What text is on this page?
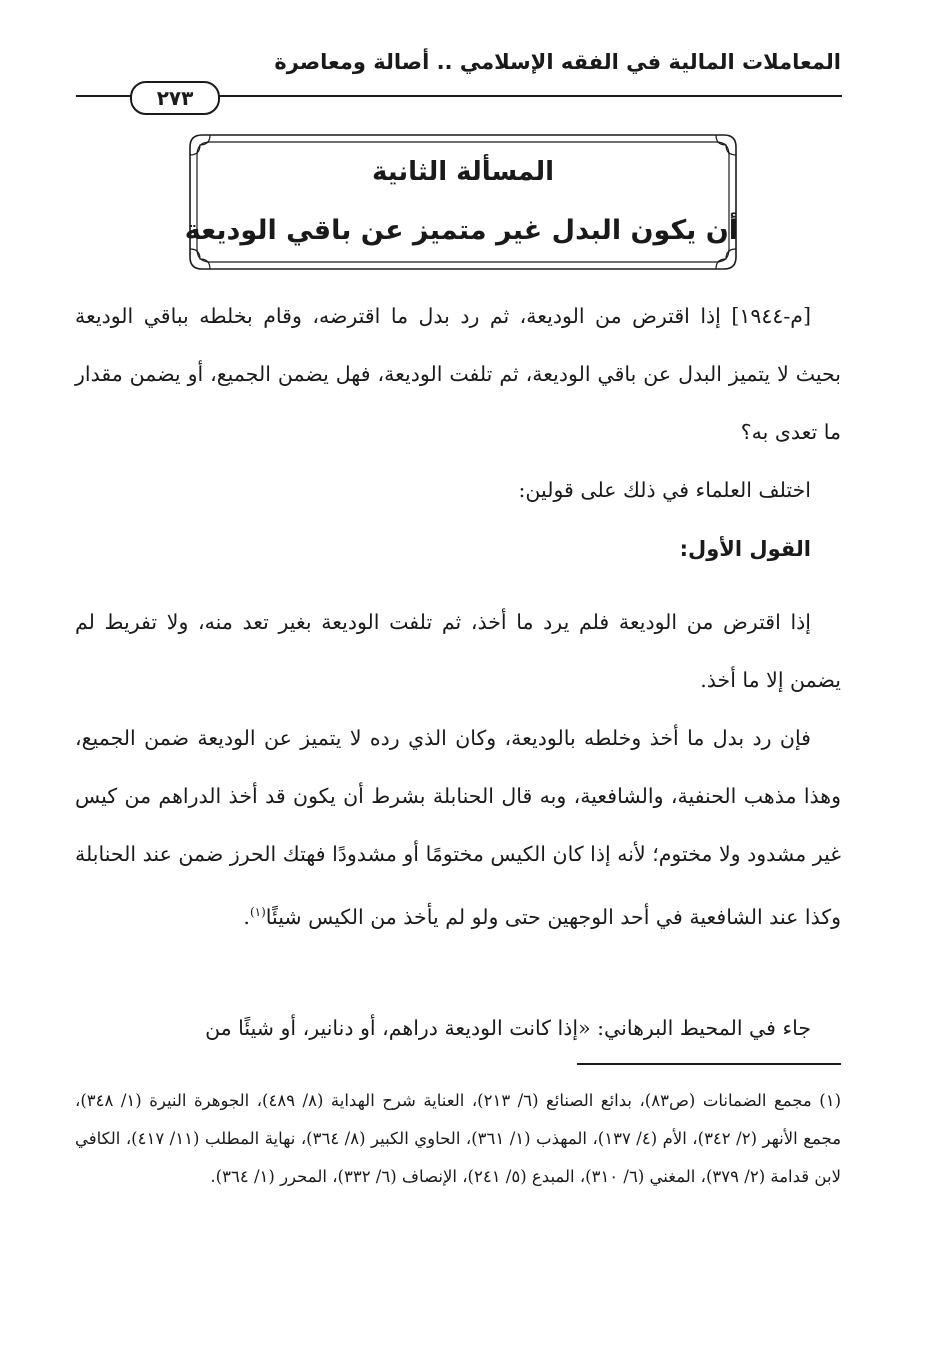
المعاملات المالية في الفقه الإسلامي .. أصالة ومعاصرة
٢٧٣
المسألة الثانية
أن يكون البدل غير متميز عن باقي الوديعة
[م-١٩٤٤] إذا اقترض من الوديعة، ثم رد بدل ما اقترضه، وقام بخلطه بباقي الوديعة بحيث لا يتميز البدل عن باقي الوديعة، ثم تلفت الوديعة، فهل يضمن الجميع، أو يضمن مقدار ما تعدى به؟
اختلف العلماء في ذلك على قولين:
القول الأول:
إذا اقترض من الوديعة فلم يرد ما أخذ، ثم تلفت الوديعة بغير تعد منه، ولا تفريط لم يضمن إلا ما أخذ.
فإن رد بدل ما أخذ وخلطه بالوديعة، وكان الذي رده لا يتميز عن الوديعة ضمن الجميع، وهذا مذهب الحنفية، والشافعية، وبه قال الحنابلة بشرط أن يكون قد أخذ الدراهم من كيس غير مشدود ولا مختوم؛ لأنه إذا كان الكيس مختومًا أو مشدودًا فهتك الحرز ضمن عند الحنابلة وكذا عند الشافعية في أحد الوجهين حتى ولو لم يأخذ من الكيس شيئًا$^{(١)}$.
جاء في المحيط البرهاني: «إذا كانت الوديعة دراهم، أو دنانير، أو شيئًا من
(١) مجمع الضمانات (ص٨٣)، بدائع الصنائع (٦/ ٢١٣)، العناية شرح الهداية (٨/ ٤٨٩)، الجوهرة النيرة (١/ ٣٤٨)، مجمع الأنهر (٢/ ٣٤٢)، الأم (٤/ ١٣٧)، المهذب (١/ ٣٦١)، الحاوي الكبير (٨/ ٣٦٤)، نهاية المطلب (١١/ ٤١٧)، الكافي لابن قدامة (٢/ ٣٧٩)، المغني (٦/ ٣١٠)، المبدع (٥/ ٢٤١)، الإنصاف (٦/ ٣٣٢)، المحرر (١/ ٣٦٤).
